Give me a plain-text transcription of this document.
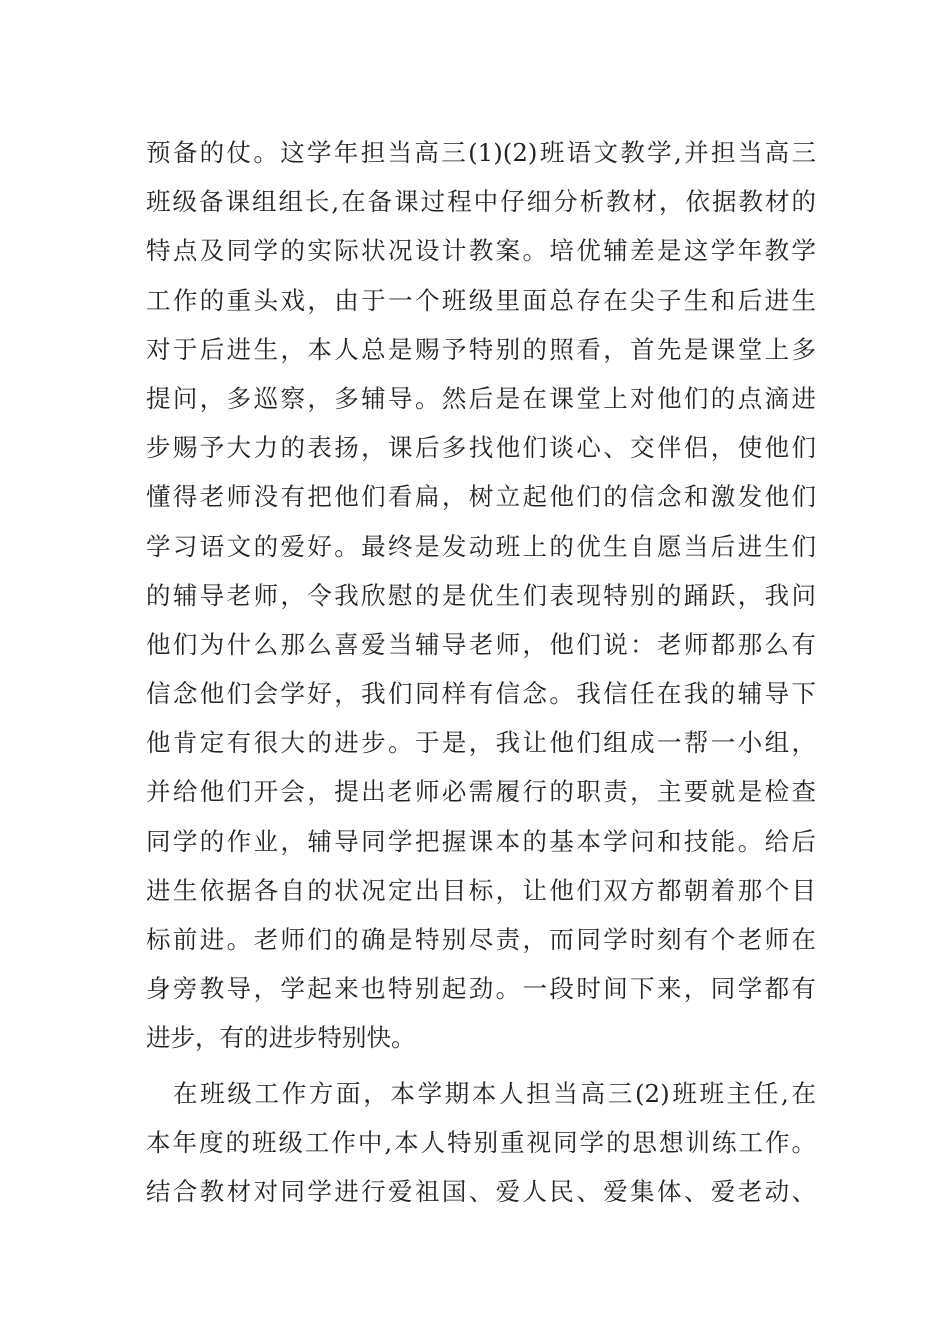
预备的仗。这学年担当高三(1)(2)班语文教学,并担当高三
班级备课组组长,在备课过程中仔细分析教材，依据教材的
特点及同学的实际状况设计教案。培优辅差是这学年教学
工作的重头戏，由于一个班级里面总存在尖子生和后进生
对于后进生，本人总是赐予特别的照看，首先是课堂上多
提问，多巡察，多辅导。然后是在课堂上对他们的点滴进
步赐予大力的表扬，课后多找他们谈心、交伴侣，使他们
懂得老师没有把他们看扁，树立起他们的信念和激发他们
学习语文的爱好。最终是发动班上的优生自愿当后进生们
的辅导老师，令我欣慰的是优生们表现特别的踊跃，我问
他们为什么那么喜爱当辅导老师，他们说：老师都那么有
信念他们会学好，我们同样有信念。我信任在我的辅导下
他肯定有很大的进步。于是，我让他们组成一帮一小组，
并给他们开会，提出老师必需履行的职责，主要就是检查
同学的作业，辅导同学把握课本的基本学问和技能。给后
进生依据各自的状况定出目标，让他们双方都朝着那个目
标前进。老师们的确是特别尽责，而同学时刻有个老师在
身旁教导，学起来也特别起劲。一段时间下来，同学都有
进步，有的进步特别快。
在班级工作方面，本学期本人担当高三(2)班班主任,在
本年度的班级工作中,本人特别重视同学的思想训练工作。
结合教材对同学进行爱祖国、爱人民、爱集体、爱老动、
